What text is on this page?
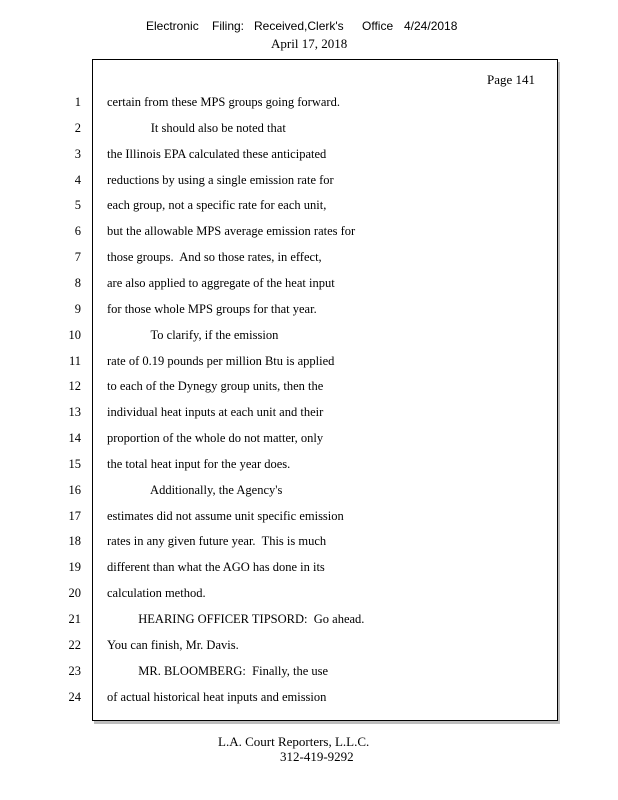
Electronic Filing: Received,Clerk's Office 4/24/2018
April 17, 2018
Page 141
1 certain from these MPS groups going forward.
2 It should also be noted that
3 the Illinois EPA calculated these anticipated
4 reductions by using a single emission rate for
5 each group, not a specific rate for each unit,
6 but the allowable MPS average emission rates for
7 those groups.  And so those rates, in effect,
8 are also applied to aggregate of the heat input
9 for those whole MPS groups for that year.
10 To clarify, if the emission
11 rate of 0.19 pounds per million Btu is applied
12 to each of the Dynegy group units, then the
13 individual heat inputs at each unit and their
14 proportion of the whole do not matter, only
15 the total heat input for the year does.
16 Additionally, the Agency's
17 estimates did not assume unit specific emission
18 rates in any given future year.  This is much
19 different than what the AGO has done in its
20 calculation method.
21 HEARING OFFICER TIPSORD:  Go ahead.
22 You can finish, Mr. Davis.
23 MR. BLOOMBERG:  Finally, the use
24 of actual historical heat inputs and emission
L.A. Court Reporters, L.L.C.
312-419-9292
